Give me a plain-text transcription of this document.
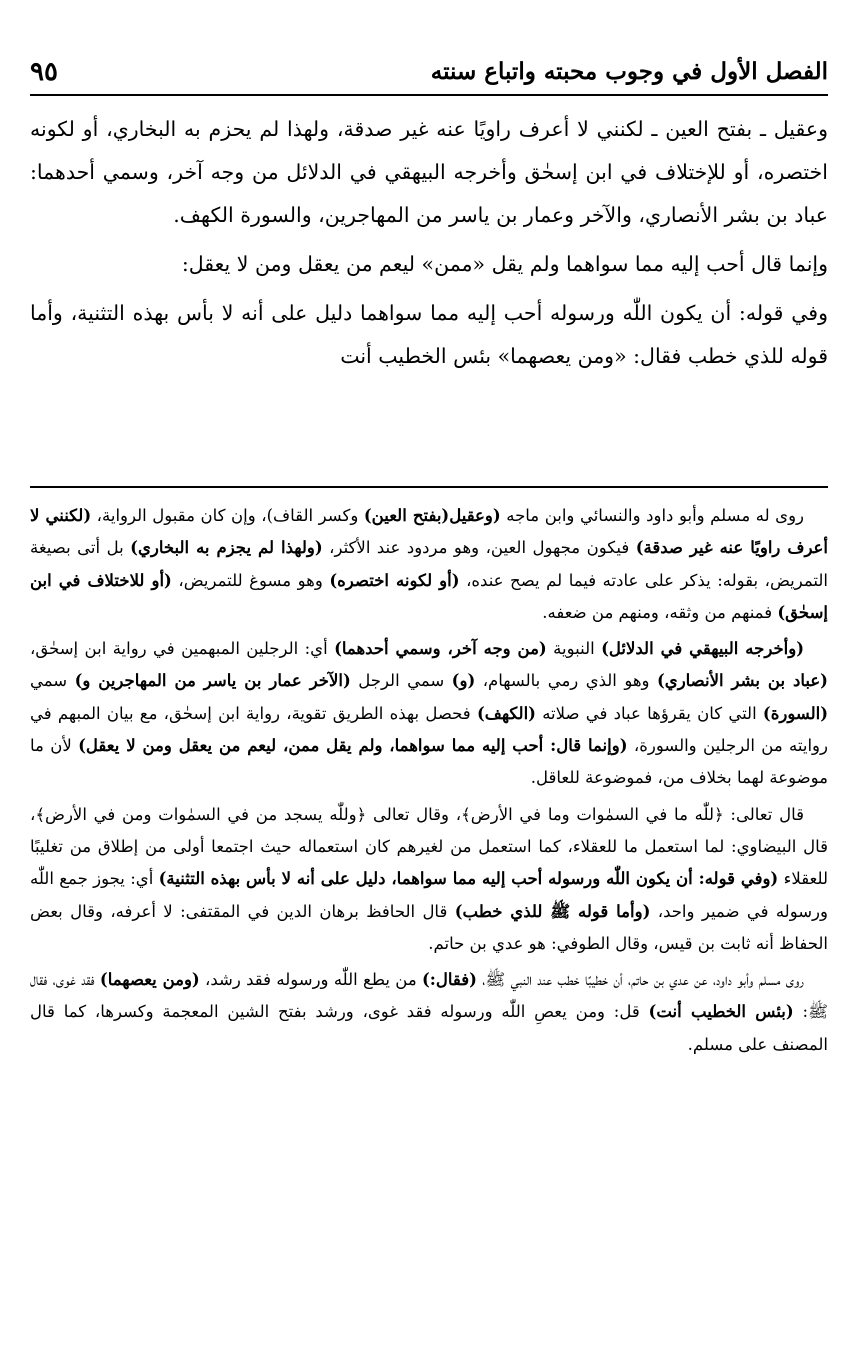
الفصل الأول في وجوب محبته واتباع سنته
٩٥

وعقيل ـ بفتح العين ـ لكنني لا أعرف راويًا عنه غير صدقة، ولهذا لم يحزم به البخاري، أو لكونه اختصره، أو للإختلاف في ابن إسحٰق وأخرجه البيهقي في الدلائل من وجه آخر، وسمي أحدهما: عباد بن بشر الأنصاري، والآخر وعمار بن ياسر من المهاجرين، والسورة الكهف.

وإنما قال أحب إليه مما سواهما ولم يقل «ممن» ليعم من يعقل ومن لا يعقل:

وفي قوله: أن يكون اللّٰه ورسوله أحب إليه مما سواهما دليل على أنه لا بأس بهذه التثنية، وأما قوله للذي خطب فقال: «ومن يعصهما» بئس الخطيب أنت

روى له مسلم وأبو داود والنسائي وابن ماجه (وعقيل(بفتح العين) وكسر القاف)، وإن كان مقبول الرواية، (لكنني لا أعرف راويًا عنه غير صدقة) فيكون مجهول العين، وهو مردود عند الأكثر، (ولهذا لم يجزم به البخاري) بل أتى بصيغة التمريض، بقوله: يذكر على عادته فيما لم يصح عنده، (أو لكونه اختصره) وهو مسوغ للتمريض، (أو للاختلاف في ابن إسحٰق) فمنهم من وثقه، ومنهم من ضعفه.

(وأخرجه البيهقي في الدلائل) النبوية (من وجه آخر، وسمي أحدهما) أي: الرجلين المبهمين في رواية ابن إسحٰق، (عباد بن بشر الأنصاري) وهو الذي رمي بالسهام، (و) سمي الرجل (الآخر عمار بن ياسر من المهاجرين و) سمي (السورة) التي كان يقرؤها عباد في صلاته (الكهف) فحصل بهذه الطريق تقوية، رواية ابن إسحٰق، مع بيان المبهم في روايته من الرجلين والسورة، (وإنما قال: أحب إليه مما سواهما، ولم يقل ممن، ليعم من يعقل ومن لا يعقل) لأن ما موضوعة لهما بخلاف من، فموضوعة للعاقل.

قال تعالى: ﴿للّٰه ما في السمٰوات وما في الأرض﴾، وقال تعالى ﴿وللّٰه يسجد من في السمٰوات ومن في الأرض﴾، قال البيضاوي: لما استعمل ما للعقلاء، كما استعمل من لغيرهم كان استعماله حيث اجتمعا أولى من إطلاق من تغليبًا للعقلاء (وفي قوله: أن يكون اللّٰه ورسوله أحب إليه مما سواهما، دليل على أنه لا بأس بهذه التثنية) أي: يجوز جمع اللّٰه ورسوله في ضمير واحد، (وأما قوله ﷺ للذي خطب) قال الحافظ برهان الدين في المقتفى: لا أعرفه، وقال بعض الحفاظ أنه ثابت بن قيس، وقال الطوفي: هو عدي بن حاتم.

روى مسلم وأبو داود، عن عدي بن حاتم، أن خطيبًا خطب عند النبي ﷺ، (فقال:) من يطع اللّٰه ورسوله فقد رشد، (ومن يعصهما) فقد غوى، فقال ﷺ: (بئس الخطيب أنت) قل: ومن يعصِ اللّٰه ورسوله فقد غوى، ورشد بفتح الشين المعجمة وكسرها، كما قال المصنف على مسلم.
